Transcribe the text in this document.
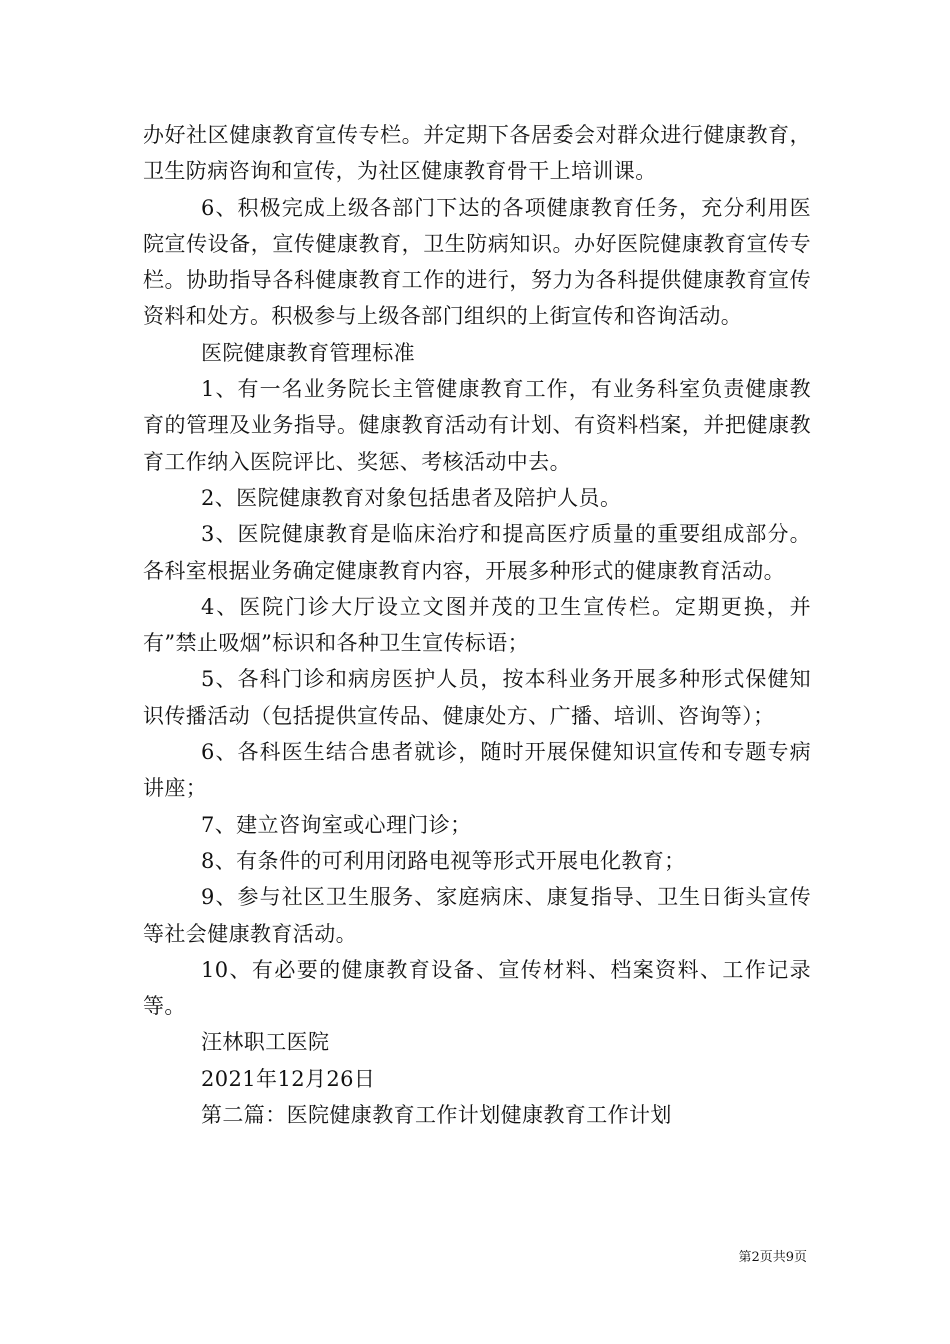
办好社区健康教育宣传专栏。并定期下各居委会对群众进行健康教育，卫生防病咨询和宣传，为社区健康教育骨干上培训课。

6、积极完成上级各部门下达的各项健康教育任务，充分利用医院宣传设备，宣传健康教育，卫生防病知识。办好医院健康教育宣传专栏。协助指导各科健康教育工作的进行，努力为各科提供健康教育宣传资料和处方。积极参与上级各部门组织的上街宣传和咨询活动。

医院健康教育管理标准

1、有一名业务院长主管健康教育工作，有业务科室负责健康教育的管理及业务指导。健康教育活动有计划、有资料档案，并把健康教育工作纳入医院评比、奖惩、考核活动中去。

2、医院健康教育对象包括患者及陪护人员。

3、医院健康教育是临床治疗和提高医疗质量的重要组成部分。各科室根据业务确定健康教育内容，开展多种形式的健康教育活动。

4、医院门诊大厅设立文图并茂的卫生宣传栏。定期更换，并有”禁止吸烟”标识和各种卫生宣传标语；

5、各科门诊和病房医护人员，按本科业务开展多种形式保健知识传播活动（包括提供宣传品、健康处方、广播、培训、咨询等）；

6、各科医生结合患者就诊，随时开展保健知识宣传和专题专病讲座；

7、建立咨询室或心理门诊；

8、有条件的可利用闭路电视等形式开展电化教育；

9、参与社区卫生服务、家庭病床、康复指导、卫生日街头宣传等社会健康教育活动。

10、有必要的健康教育设备、宣传材料、档案资料、工作记录等。

汪林职工医院

2021年12月26日

第二篇：医院健康教育工作计划健康教育工作计划

第2页共9页
